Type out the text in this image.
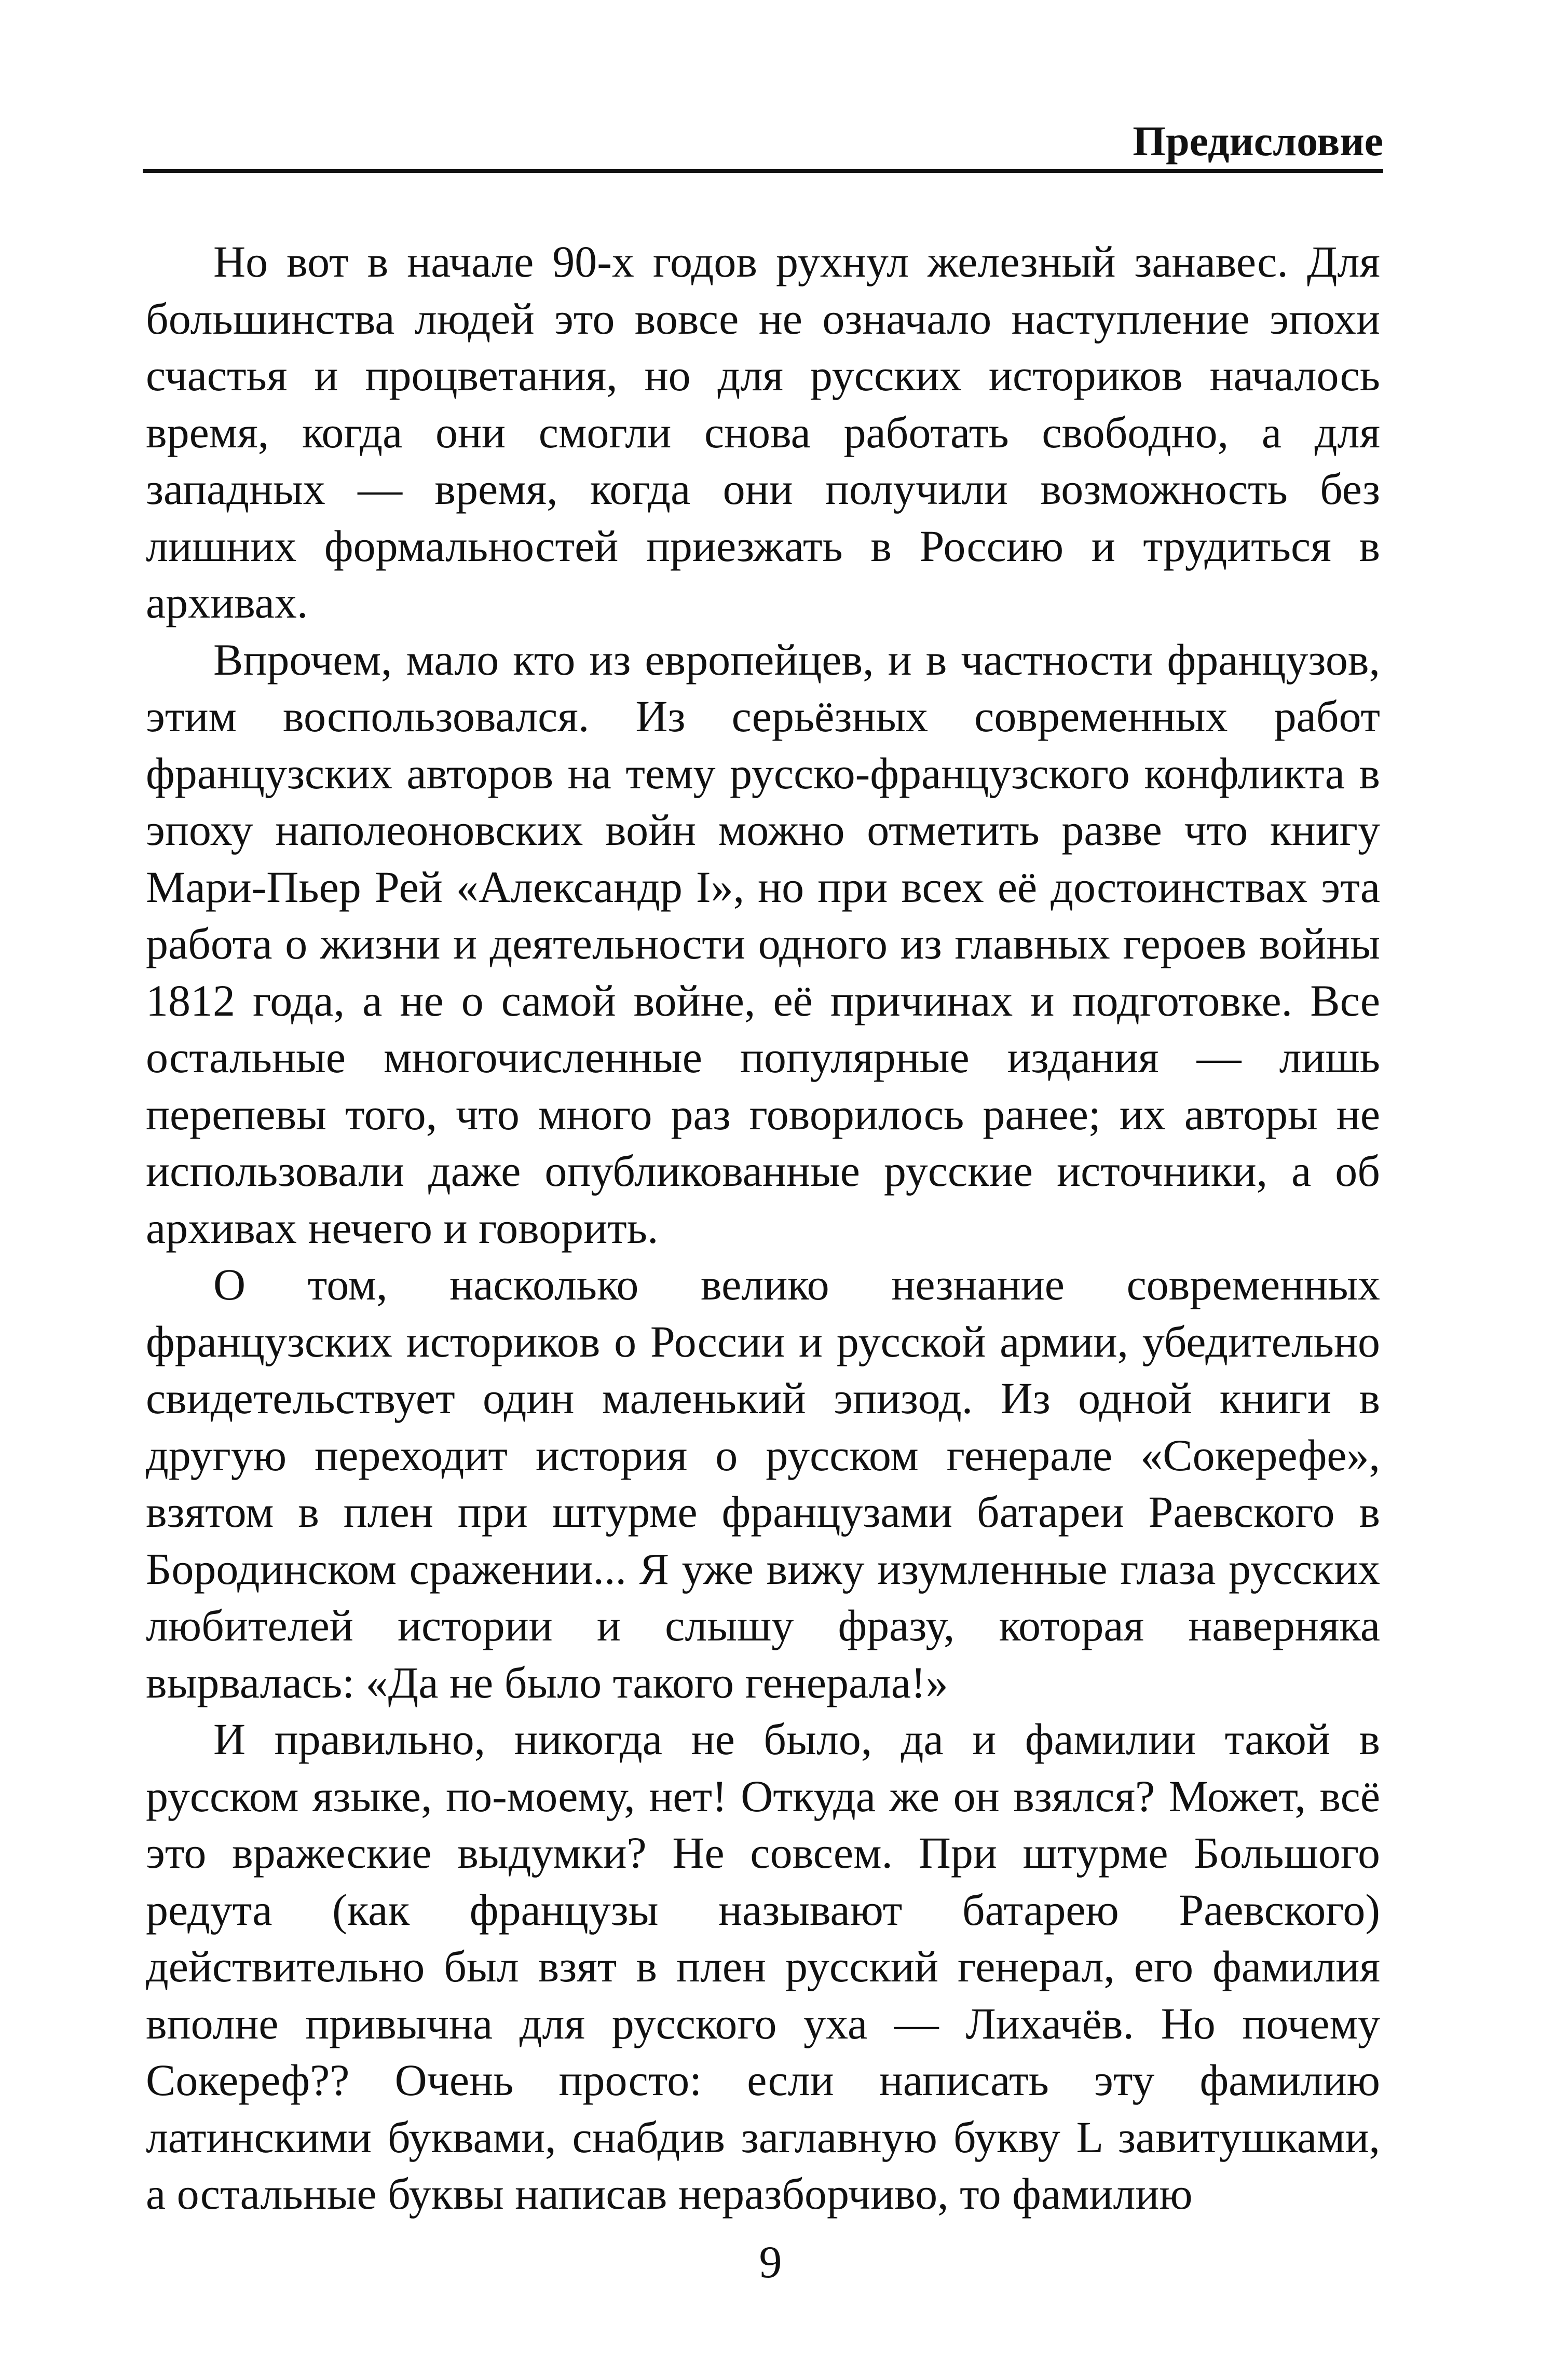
Предисловие

Но вот в начале 90-х годов рухнул железный занавес. Для большинства людей это вовсе не означало наступление эпохи счастья и процветания, но для русских историков началось время, когда они смогли снова работать свободно, а для западных — время, когда они получили возможность без лишних формальностей приезжать в Россию и трудиться в архивах.

Впрочем, мало кто из европейцев, и в частности французов, этим воспользовался. Из серьёзных современных работ французских авторов на тему русско-французского конфликта в эпоху наполеоновских войн можно отметить разве что книгу Мари-Пьер Рей «Александр I», но при всех её достоинствах эта работа о жизни и деятельности одного из главных героев войны 1812 года, а не о самой войне, её причинах и подготовке. Все остальные многочисленные популярные издания — лишь перепевы того, что много раз говорилось ранее; их авторы не использовали даже опубликованные русские источники, а об архивах нечего и говорить.

О том, насколько велико незнание современных французских историков о России и русской армии, убедительно свидетельствует один маленький эпизод. Из одной книги в другую переходит история о русском генерале «Сокерефе», взятом в плен при штурме французами батареи Раевского в Бородинском сражении... Я уже вижу изумленные глаза русских любителей истории и слышу фразу, которая наверняка вырвалась: «Да не было такого генерала!»

И правильно, никогда не было, да и фамилии такой в русском языке, по-моему, нет! Откуда же он взялся? Может, всё это вражеские выдумки? Не совсем. При штурме Большого редута (как французы называют батарею Раевского) действительно был взят в плен русский генерал, его фамилия вполне привычна для русского уха — Лихачёв. Но почему Сокереф?? Очень просто: если написать эту фамилию латинскими буквами, снабдив заглавную букву L завитушками, а остальные буквы написав неразборчиво, то фамилию

9
